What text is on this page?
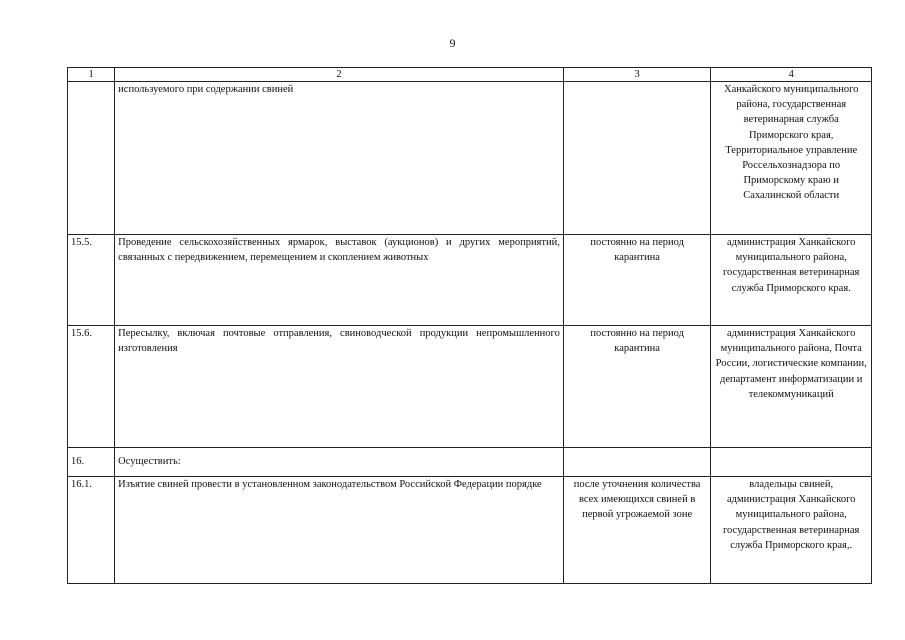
9
1	2	3	4
	используемого при содержании свиней		Ханкайского муниципального района, государственная ветеринарная служба Приморского края, Территориальное управление Россельхознадзора по Приморскому краю и Сахалинской области
15.5.	Проведение сельскохозяйственных ярмарок, выставок (аукционов) и других мероприятий, связанных с передвижением, перемещением и скоплением животных	постоянно на период карантина	администрация Ханкайского муниципального района, государственная ветеринарная служба Приморского края.
15.6.	Пересылку, включая почтовые отправления, свиноводческой продукции непромышленного изготовления	постоянно на период карантина	администрация Ханкайского муниципального района, Почта России, логистические компании, департамент информатизации и телекоммуникаций
16.	Осуществить:		
16.1.	Изъятие свиней провести в установленном законодательством Российской Федерации порядке	после уточнения количества всех имеющихся свиней в первой угрожаемой зоне	владельцы свиней, администрация Ханкайского муниципального района, государственная ветеринарная служба Приморского края,.
